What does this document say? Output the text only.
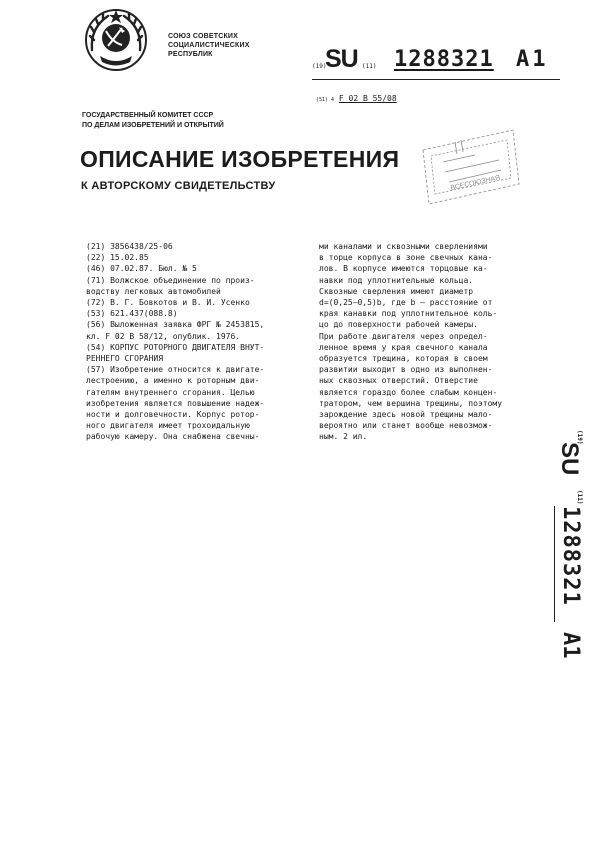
СОЮЗ СОВЕТСКИХ
СОЦИАЛИСТИЧЕСКИХ
РЕСПУБЛИК
(19)
SU (11) 1288321 A1
(51) 4 F 02 B 55/08
ГОСУДАРСТВЕННЫЙ КОМИТЕТ СССР
ПО ДЕЛАМ ИЗОБРЕТЕНИЙ И ОТКРЫТИЙ
ОПИСАНИЕ ИЗОБРЕТЕНИЯ
К АВТОРСКОМУ СВИДЕТЕЛЬСТВУ	ВСЕСОЮЗНАЯ
(21) 3856438/25-06
(22) 15.02.85
(46) 07.02.87. Бюл. № 5
(71) Волжское объединение по произ-
водству легковых автомобилей
(72) В. Г. Бовкотов и В. И. Усенко
(53) 621.437(088.8)
(56) Выложенная заявка ФРГ № 2453815,
кл. F 02 B 58/12, опублик. 1976.
(54) КОРПУС РОТОРНОГО ДВИГАТЕЛЯ ВНУТ-
РЕННЕГО СГОРАНИЯ
(57) Изобретение относится к двигате-
лестроению, а именно к роторным дви-
гателям внутреннего сгорания. Целью
изобретения является повышение надеж-
ности и долговечности. Корпус ротор-
ного двигателя имеет трохоидальную
рабочую камеру. Она снабжена свечны-
ми каналами и сквозными сверлениями
в торце корпуса в зоне свечных кана-
лов. В корпусе имеются торцовые ка-
навки под уплотнительные кольца.
Сквозные сверления имеют диаметр
d=(0,25–0,5)b, где b – расстояние от
края канавки под уплотнительное коль-
цо до поверхности рабочей камеры.
При работе двигателя через определ-
ленное время у края свечного канала
образуется трещина, которая в своем
развитии выходит в одно из выполнен-
ных сквозных отверстий. Отверстие
является гораздо более слабым концен-
тратором, чем вершина трещины, поэтому
зарождение здесь новой трещины мало-
вероятно или станет вообще невозмож-
ным. 2 ил.	(19)
SU
(11)
1288321
A1
